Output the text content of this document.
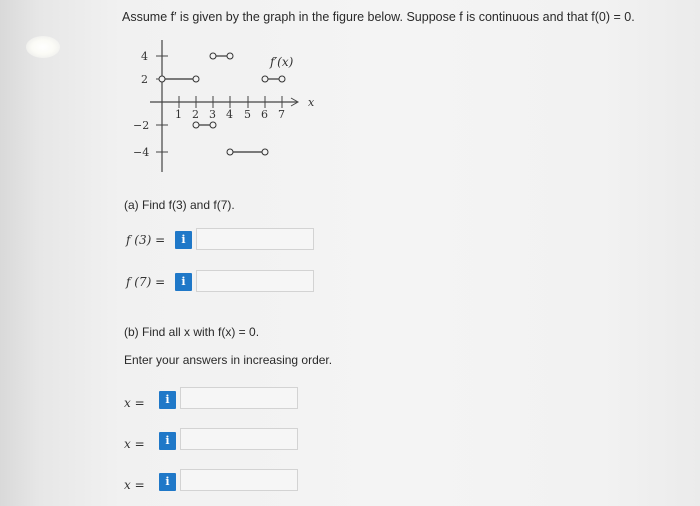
Assume f′ is given by the graph in the figure below. Suppose f is continuous and that f(0) = 0.
4
2
−2
−4
1 2 3 4 5 6 7
x
f′(x)
(a) Find f(3) and f(7).
f (3) =	i
f (7) =	i
(b) Find all x with f(x) = 0.
Enter your answers in increasing order.
x =	i
x =	i
x =	i
